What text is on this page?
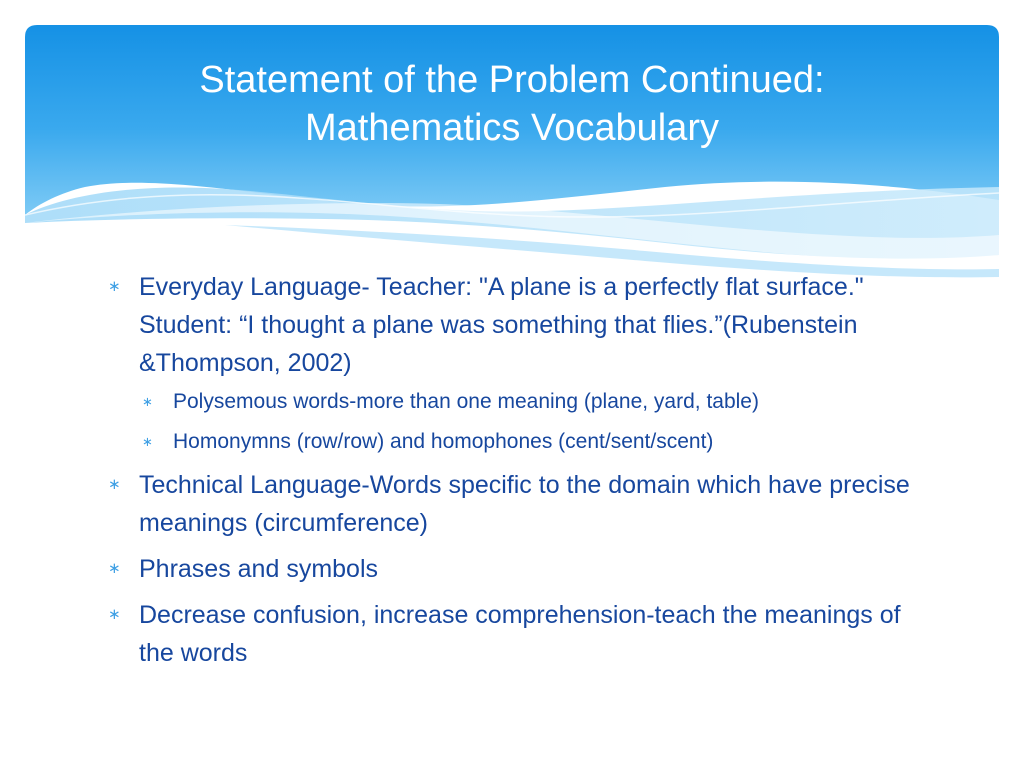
Statement of the Problem Continued:
Mathematics Vocabulary
∗ Everyday Language- Teacher: "A plane is a perfectly flat surface." Student: “I thought a plane was something that flies.”(Rubenstein &Thompson, 2002)
∗ Polysemous words-more than one meaning (plane, yard, table)
∗ Homonymns (row/row) and homophones (cent/sent/scent)
∗ Technical Language-Words specific to the domain which have precise meanings (circumference)
∗ Phrases and symbols
∗ Decrease confusion, increase comprehension-teach the meanings of the words
